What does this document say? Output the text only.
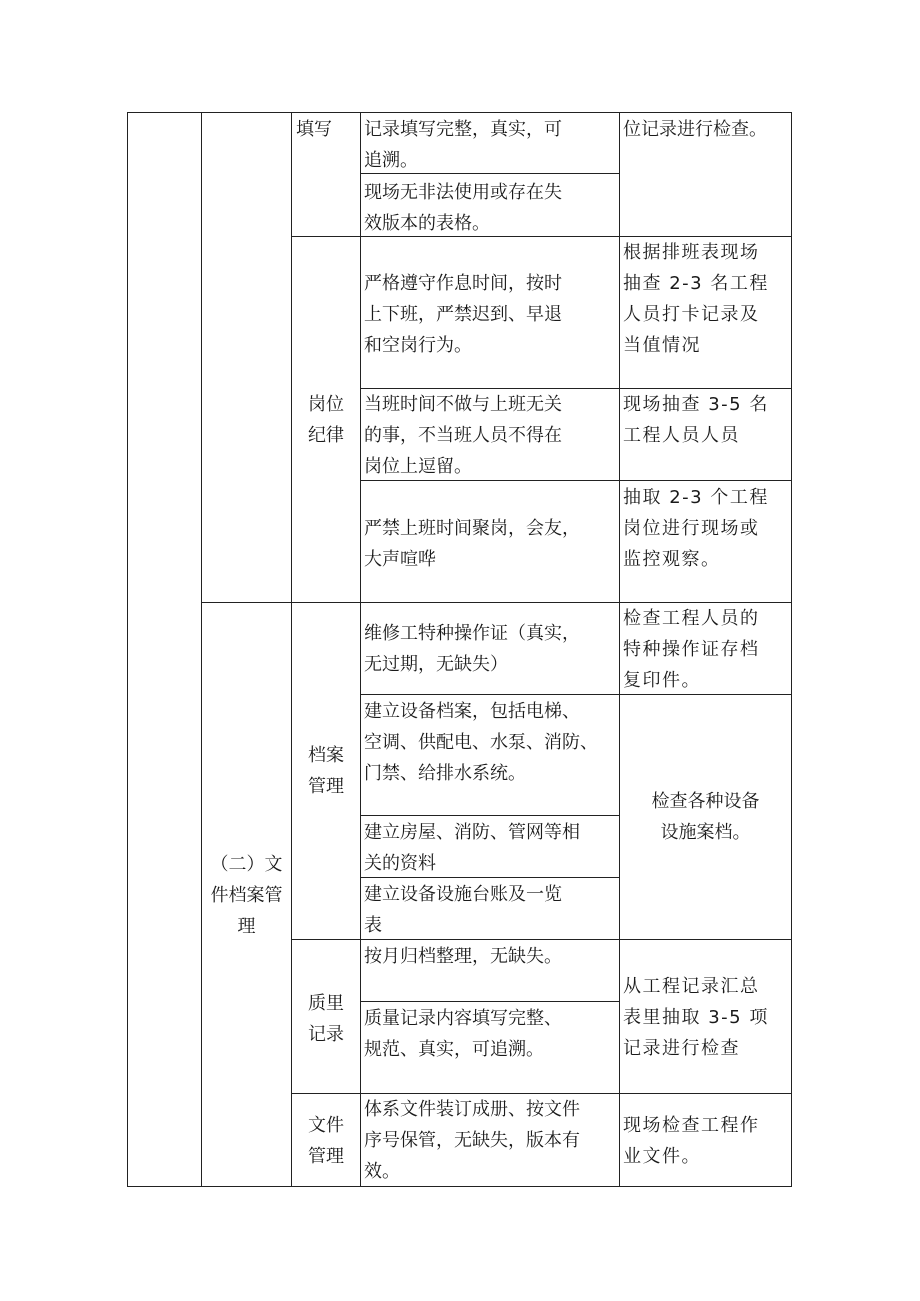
填写 记录填写完整，真实，可
追溯。
现场无非法使用或存在失
效版本的表格。
位记录进行检查。
岗位
纪律
严格遵守作息时间，按时
上下班，严禁迟到、早退
和空岗行为。
根据排班表现场
抽查 2-3 名工程
人员打卡记录及
当值情况
当班时间不做与上班无关
的事，不当班人员不得在
岗位上逗留。
现场抽查 3-5 名
工程人员人员
严禁上班时间聚岗，会友，
大声喧哗
抽取 2-3 个工程
岗位进行现场或
监控观察。
（二）文
件档案管
理
档案
管理
维修工特种操作证（真实，
无过期，无缺失）
检查工程人员的
特种操作证存档
复印件。
建立设备档案，包括电梯、
空调、供配电、水泵、消防、
门禁、给排水系统。
检查各种设备
设施案档。
建立房屋、消防、管网等相
关的资料
建立设备设施台账及一览
表
质里
记录
按月归档整理，无缺失。
质量记录内容填写完整、
规范、真实，可追溯。
从工程记录汇总
表里抽取 3-5 项
记录进行检查
文件
管理
体系文件装订成册、按文件
序号保管，无缺失，版本有
效。
现场检查工程作
业文件。
